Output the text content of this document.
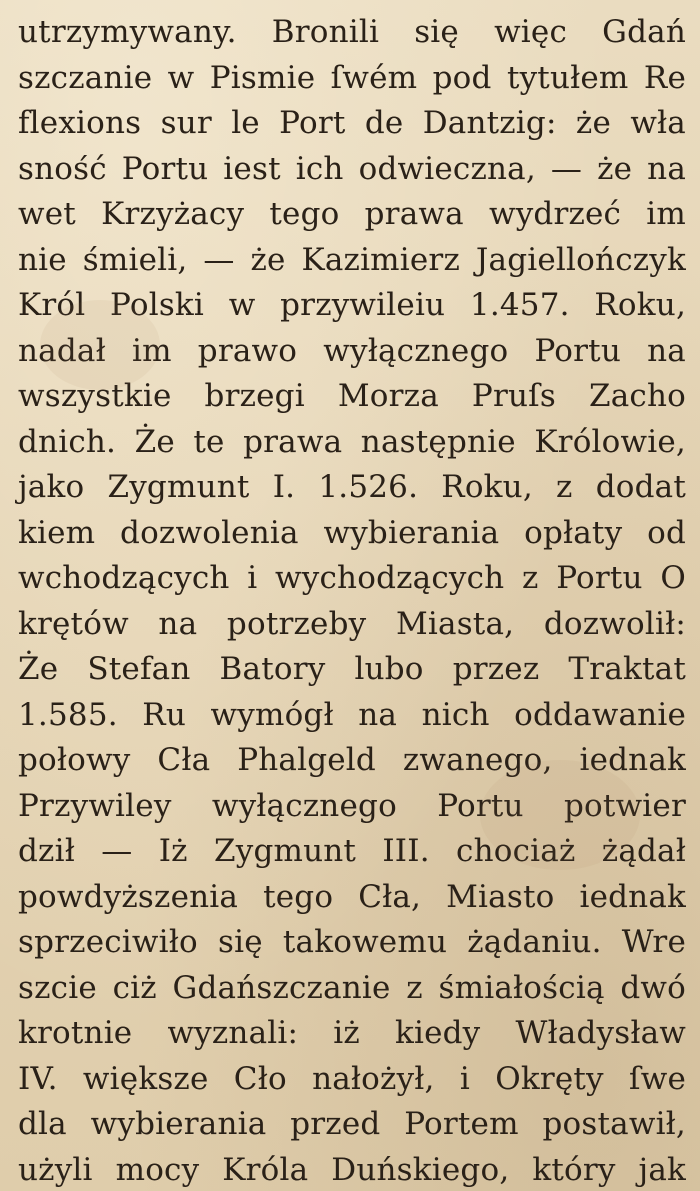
utrzymywany. Bronili się więc Gdań
szczanie w Pismie ſwém pod tytułem Re
flexions sur le Port de Dantzig: że wła
sność Portu iest ich odwieczna, — że na
wet Krzyżacy tego prawa wydrzeć im
nie śmieli, — że Kazimierz Jagiellończyk
Król Polski w przywileiu 1.457. Roku,
nadał im prawo wyłącznego Portu na
wszystkie brzegi Morza Pruſs Zacho
dnich. Że te prawa następnie Królowie,
jako Zygmunt I. 1.526. Roku, z dodat
kiem dozwolenia wybierania opłaty od
wchodzących i wychodzących z Portu O
krętów na potrzeby Miasta, dozwolił:
Że Stefan Batory lubo przez Traktat
1.585. Ru wymógł na nich oddawanie
połowy Cła Phalgeld zwanego, iednak
Przywiley wyłącznego Portu potwier
dził — Iż Zygmunt III. chociaż żądał
powdyższenia tego Cła, Miasto iednak
sprzeciwiło się takowemu żądaniu. Wre
szcie ciż Gdańszczanie z śmiałością dwó
krotnie wyznali: iż kiedy Władysław
IV. większe Cło nałożył, i Okręty ſwe
dla wybierania przed Portem postawił,
użyli mocy Króla Duńskiego, który jak
